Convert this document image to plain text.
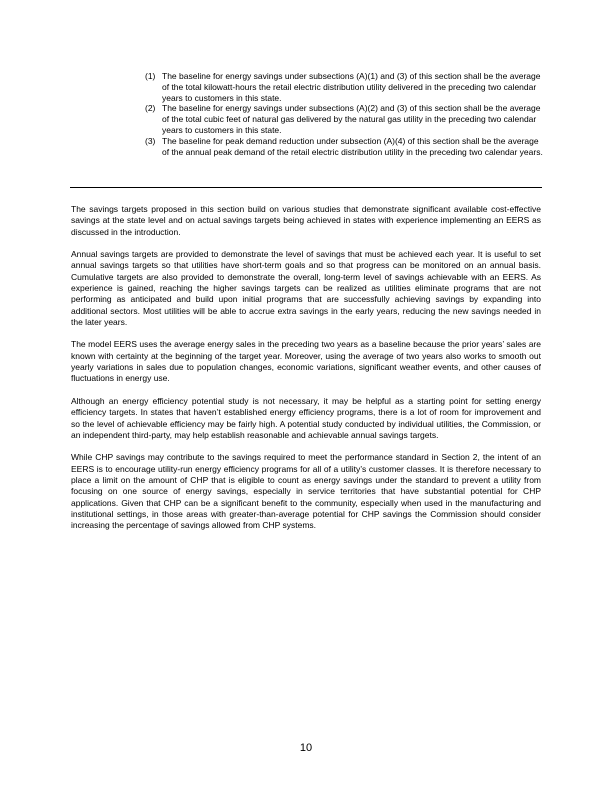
(1) The baseline for energy savings under subsections (A)(1) and (3) of this section shall be the average of the total kilowatt-hours the retail electric distribution utility delivered in the preceding two calendar years to customers in this state.
(2) The baseline for energy savings under subsections (A)(2) and (3) of this section shall be the average of the total cubic feet of natural gas delivered by the natural gas utility in the preceding two calendar years to customers in this state.
(3) The baseline for peak demand reduction under subsection (A)(4) of this section shall be the average of the annual peak demand of the retail electric distribution utility in the preceding two calendar years.

The savings targets proposed in this section build on various studies that demonstrate significant available cost-effective savings at the state level and on actual savings targets being achieved in states with experience implementing an EERS as discussed in the introduction.

Annual savings targets are provided to demonstrate the level of savings that must be achieved each year. It is useful to set annual savings targets so that utilities have short-term goals and so that progress can be monitored on an annual basis. Cumulative targets are also provided to demonstrate the overall, long-term level of savings achievable with an EERS. As experience is gained, reaching the higher savings targets can be realized as utilities eliminate programs that are not performing as anticipated and build upon initial programs that are successfully achieving savings by expanding into additional sectors. Most utilities will be able to accrue extra savings in the early years, reducing the new savings needed in the later years.

The model EERS uses the average energy sales in the preceding two years as a baseline because the prior years’ sales are known with certainty at the beginning of the target year. Moreover, using the average of two years also works to smooth out yearly variations in sales due to population changes, economic variations, significant weather events, and other causes of fluctuations in energy use.

Although an energy efficiency potential study is not necessary, it may be helpful as a starting point for setting energy efficiency targets. In states that haven’t established energy efficiency programs, there is a lot of room for improvement and so the level of achievable efficiency may be fairly high. A potential study conducted by individual utilities, the Commission, or an independent third-party, may help establish reasonable and achievable annual savings targets.

While CHP savings may contribute to the savings required to meet the performance standard in Section 2, the intent of an EERS is to encourage utility-run energy efficiency programs for all of a utility’s customer classes. It is therefore necessary to place a limit on the amount of CHP that is eligible to count as energy savings under the standard to prevent a utility from focusing on one source of energy savings, especially in service territories that have substantial potential for CHP applications. Given that CHP can be a significant benefit to the community, especially when used in the manufacturing and institutional settings, in those areas with greater-than-average potential for CHP savings the Commission should consider increasing the percentage of savings allowed from CHP systems.

10
